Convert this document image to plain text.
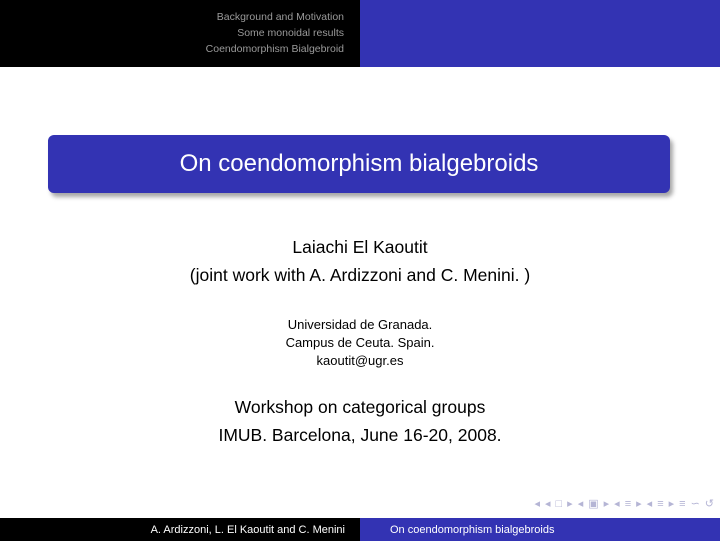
Background and Motivation
Some monoidal results
Coendomorphism Bialgebroid
On coendomorphism bialgebroids
Laiachi El Kaoutit
(joint work with A. Ardizzoni and C. Menini. )
Universidad de Granada.
Campus de Ceuta. Spain.
kaoutit@ugr.es
Workshop on categorical groups
IMUB. Barcelona, June 16-20, 2008.
◂ ◂ □ ▸ ◂ ▣ ▸ ◂ ≡ ▸ ◂ ≡ ▸ ≡ ∽ ↺
A. Ardizzoni, L. El Kaoutit and C. Menini	On coendomorphism bialgebroids
